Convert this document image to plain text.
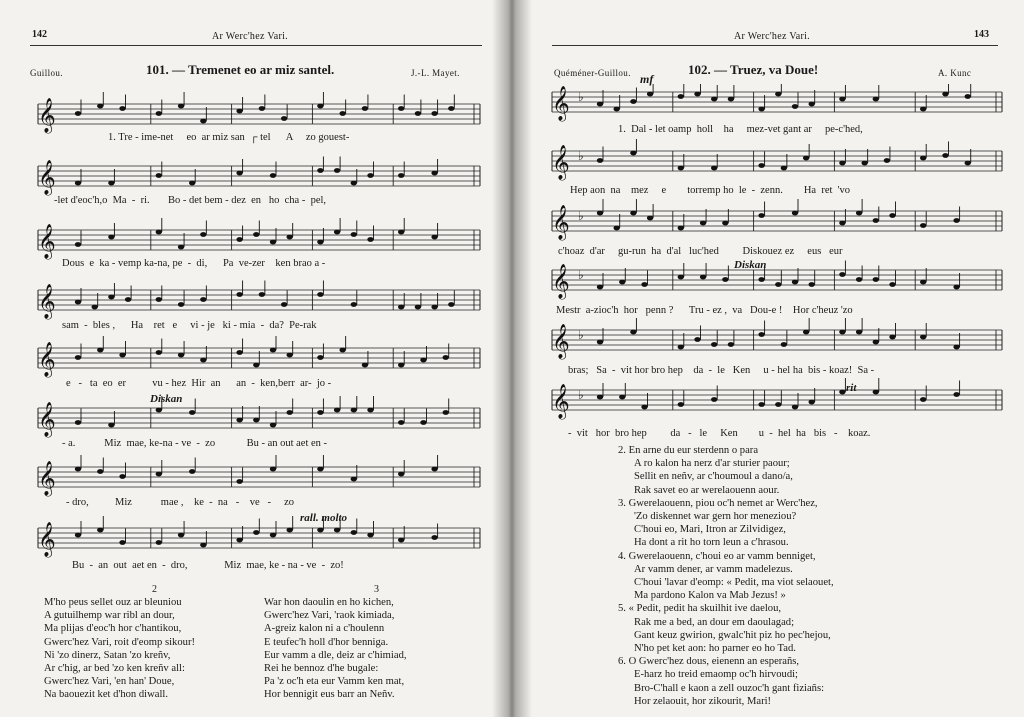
142	Ar Werc'hez Vari.
Guillou.	101. — Tremenet eo ar miz santel.	J.-L. Mayet.
𝄞
𝄞
𝄞
𝄞
𝄞
𝄞
𝄞
𝄞
1. Tre - ime-net     eo  ar miz san  ┌ tel      A     zo gouest-
-let d'eoc'h,o  Ma  -  ri.       Bo - det bem - dez  en   ho  cha -  pel,
Dous  e  ka - vemp ka-na, pe  -  di,      Pa  ve-zer    ken brao a -
sam  -  bles ,      Ha    ret   e     vi - je   ki - mia  -  da?  Pe-rak
e   -   ta  eo  er          vu - hez  Hir  an      an  -  ken,berr  ar-  jo -
Diskan
- a.           Miz  mae, ke-na - ve  -  zo            Bu - an out aet en -
- dro,          Miz           mae ,    ke  -  na   -    ve   -     zo
rall. molto
Bu  -  an  out  aet en  -  dro,              Miz  mae, ke - na - ve  -  zo!
2
M'ho peus sellet ouz ar bleuniou
A gutuilhemp war ribl an dour,
Ma plijas d'eoc'h hor c'hantikou,
Gwerc'hez Vari, roit d'eomp sikour!
Ni 'zo dinerz, Satan 'zo kreñv,
Ar c'hig, ar bed 'zo ken kreñv all:
Gwerc'hez Vari, 'en han' Doue,
Na baouezit ket d'hon diwall.
3
War hon daoulin en ho kichen,
Gwerc'hez Vari, 'raok kimiada,
A-greiz kalon ni a c'houlenn
E teufec'h holl d'hor benniga.
Eur vamm a dle, deiz ar c'himiad,
Rei he bennoz d'he bugale:
Pa 'z oc'h eta eur Vamm ken mat,
Hor bennigit eus barr an Neñv.
Ar Werc'hez Vari.	143
Quéméner-Guillou.	102. — Truez, va Doue!	A. Kunc
mf
𝄞 ♭
𝄞 ♭
𝄞 ♭
𝄞 ♭
𝄞 ♭
𝄞 ♭
1.  Dal - let oamp  holl    ha     mez-vet gant ar     pe-c'hed,
Hep aon  na    mez     e        torremp ho  le  -  zenn.        Ha  ret  'vo
c'hoaz  d'ar     gu-run  ha  d'al   luc'hed         Diskouez ez     eus   eur
Diskan
Mestr  a-zioc'h  hor   penn ?      Tru - ez ,  va   Dou-e !    Hor c'heuz 'zo
bras;   Sa  -  vit hor bro hep    da  -  le   Ken     u - hel ha  bis - koaz!  Sa -
rit
-  vit   hor  bro hep         da   -   le     Ken        u  -  hel  ha   bis   -    koaz.
2. En arne du eur sterdenn o para
A ro kalon ha nerz d'ar sturier paour;
Sellit en neñv, ar c'houmoul a dano/a,
Rak savet eo ar werelaouenn aour.
3. Gwerelaouenn, piou oc'h nemet ar Werc'hez,
'Zo diskennet war gern hor meneziou?
C'houi eo, Mari, Itron ar Zilvidigez,
Ha dont a rit ho torn leun a c'hrasou.
4. Gwerelaouenn, c'houi eo ar vamm benniget,
Ar vamm dener, ar vamm madelezus.
C'houi 'lavar d'eomp: « Pedit, ma viot selaouet,
Ma pardono Kalon va Mab Jezus! »
5. « Pedit, pedit ha skuilhit ive daelou,
Rak me a bed, an dour em daoulagad;
Gant keuz gwirion, gwalc'hit piz ho pec'hejou,
N'ho pet ket aon: ho parner eo ho Tad.
6. O Gwerc'hez dous, eienenn an esperañs,
E-harz ho treid emaomp oc'h hirvoudi;
Bro-C'hall e kaon a zell ouzoc'h gant fiziañs:
Hor zelaouit, hor zikourit, Mari!
